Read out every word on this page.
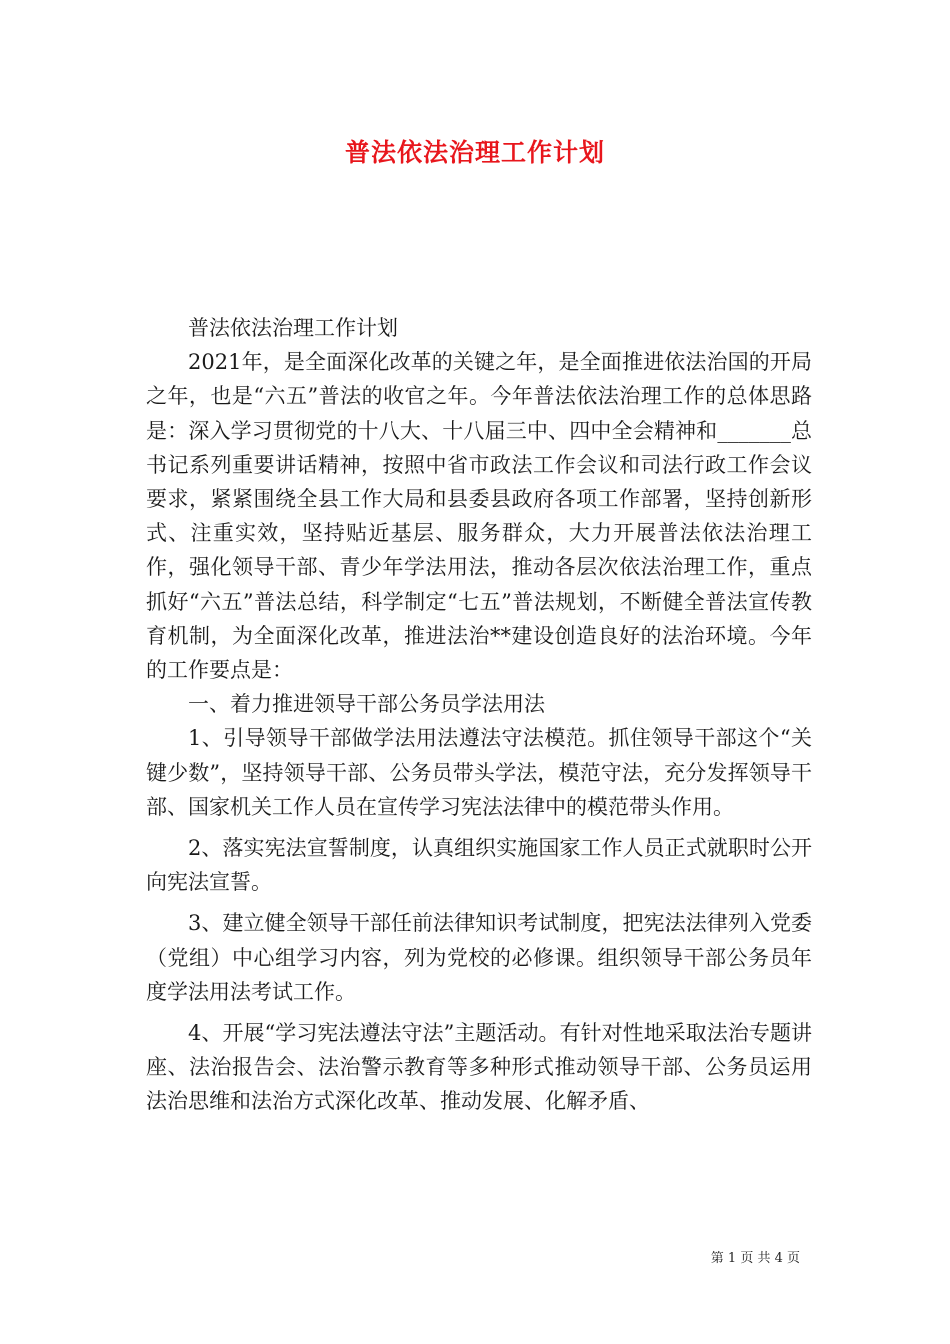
普法依法治理工作计划

普法依法治理工作计划

2021年，是全面深化改革的关键之年，是全面推进依法治国的开局之年，也是“六五”普法的收官之年。今年普法依法治理工作的总体思路是：深入学习贯彻党的十八大、十八届三中、四中全会精神和_______总书记系列重要讲话精神，按照中省市政法工作会议和司法行政工作会议要求，紧紧围绕全县工作大局和县委县政府各项工作部署，坚持创新形式、注重实效，坚持贴近基层、服务群众，大力开展普法依法治理工作，强化领导干部、青少年学法用法，推动各层次依法治理工作，重点抓好“六五”普法总结，科学制定“七五”普法规划，不断健全普法宣传教育机制，为全面深化改革，推进法治**建设创造良好的法治环境。今年的工作要点是：

一、着力推进领导干部公务员学法用法

1、引导领导干部做学法用法遵法守法模范。抓住领导干部这个“关键少数”，坚持领导干部、公务员带头学法，模范守法，充分发挥领导干部、国家机关工作人员在宣传学习宪法法律中的模范带头作用。

2、落实宪法宣誓制度，认真组织实施国家工作人员正式就职时公开向宪法宣誓。

3、建立健全领导干部任前法律知识考试制度，把宪法法律列入党委（党组）中心组学习内容，列为党校的必修课。组织领导干部公务员年度学法用法考试工作。

4、开展“学习宪法遵法守法”主题活动。有针对性地采取法治专题讲座、法治报告会、法治警示教育等多种形式推动领导干部、公务员运用法治思维和法治方式深化改革、推动发展、化解矛盾、

第 1 页 共 4 页
